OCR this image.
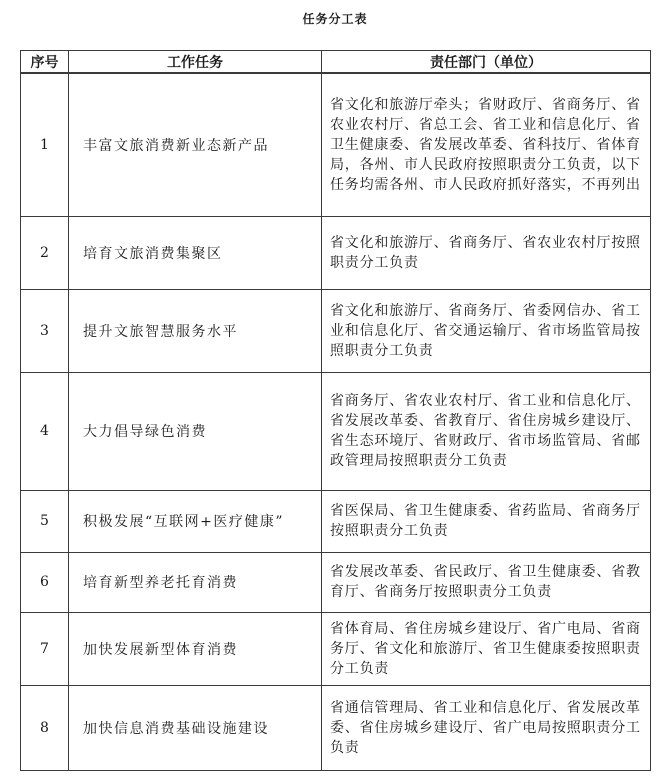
任务分工表
序号	工作任务	责任部门（单位）
1	丰富文旅消费新业态新产品	省文化和旅游厅牵头；省财政厅、省商务厅、省农业农村厅、省总工会、省工业和信息化厅、省卫生健康委、省发展改革委、省科技厅、省体育局，各州、市人民政府按照职责分工负责，以下任务均需各州、市人民政府抓好落实，不再列出
2	培育文旅消费集聚区	省文化和旅游厅、省商务厅、省农业农村厅按照职责分工负责
3	提升文旅智慧服务水平	省文化和旅游厅、省商务厅、省委网信办、省工业和信息化厅、省交通运输厅、省市场监管局按照职责分工负责
4	大力倡导绿色消费	省商务厅、省农业农村厅、省工业和信息化厅、省发展改革委、省教育厅、省住房城乡建设厅、省生态环境厅、省财政厅、省市场监管局、省邮政管理局按照职责分工负责
5	积极发展“互联网+医疗健康”	省医保局、省卫生健康委、省药监局、省商务厅按照职责分工负责
6	培育新型养老托育消费	省发展改革委、省民政厅、省卫生健康委、省教育厅、省商务厅按照职责分工负责
7	加快发展新型体育消费	省体育局、省住房城乡建设厅、省广电局、省商务厅、省文化和旅游厅、省卫生健康委按照职责分工负责
8	加快信息消费基础设施建设	省通信管理局、省工业和信息化厅、省发展改革委、省住房城乡建设厅、省广电局按照职责分工负责
